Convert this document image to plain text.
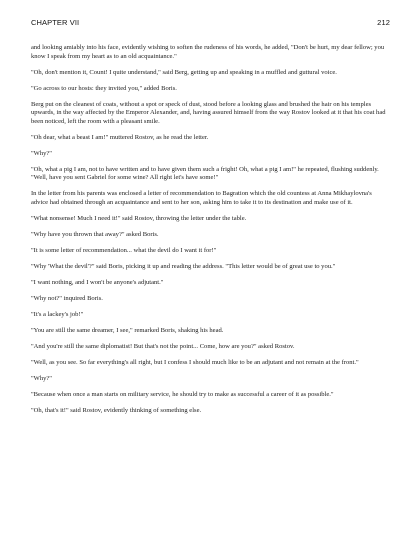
CHAPTER VII	212

and looking amiably into his face, evidently wishing to soften the rudeness of his words, he added, "Don't be hurt, my dear fellow; you know I speak from my heart as to an old acquaintance."

"Oh, don't mention it, Count! I quite understand," said Berg, getting up and speaking in a muffled and guttural voice.

"Go across to our hosts: they invited you," added Boris.

Berg put on the cleanest of coats, without a spot or speck of dust, stood before a looking glass and brushed the hair on his temples upwards, in the way affected by the Emperor Alexander, and, having assured himself from the way Rostov looked at it that his coat had been noticed, left the room with a pleasant smile.

"Oh dear, what a beast I am!" muttered Rostov, as he read the letter.

"Why?"

"Oh, what a pig I am, not to have written and to have given them such a fright! Oh, what a pig I am!" he repeated, flushing suddenly. "Well, have you sent Gabriel for some wine? All right let's have some!"

In the letter from his parents was enclosed a letter of recommendation to Bagration which the old countess at Anna Mikhaylovna's advice had obtained through an acquaintance and sent to her son, asking him to take it to its destination and make use of it.

"What nonsense! Much I need it!" said Rostov, throwing the letter under the table.

"Why have you thrown that away?" asked Boris.

"It is some letter of recommendation... what the devil do I want it for!"

"Why 'What the devil'?" said Boris, picking it up and reading the address. "This letter would be of great use to you."

"I want nothing, and I won't be anyone's adjutant."

"Why not?" inquired Boris.

"It's a lackey's job!"

"You are still the same dreamer, I see," remarked Boris, shaking his head.

"And you're still the same diplomatist! But that's not the point... Come, how are you?" asked Rostov.

"Well, as you see. So far everything's all right, but I confess I should much like to be an adjutant and not remain at the front."

"Why?"

"Because when once a man starts on military service, he should try to make as successful a career of it as possible."

"Oh, that's it!" said Rostov, evidently thinking of something else.
